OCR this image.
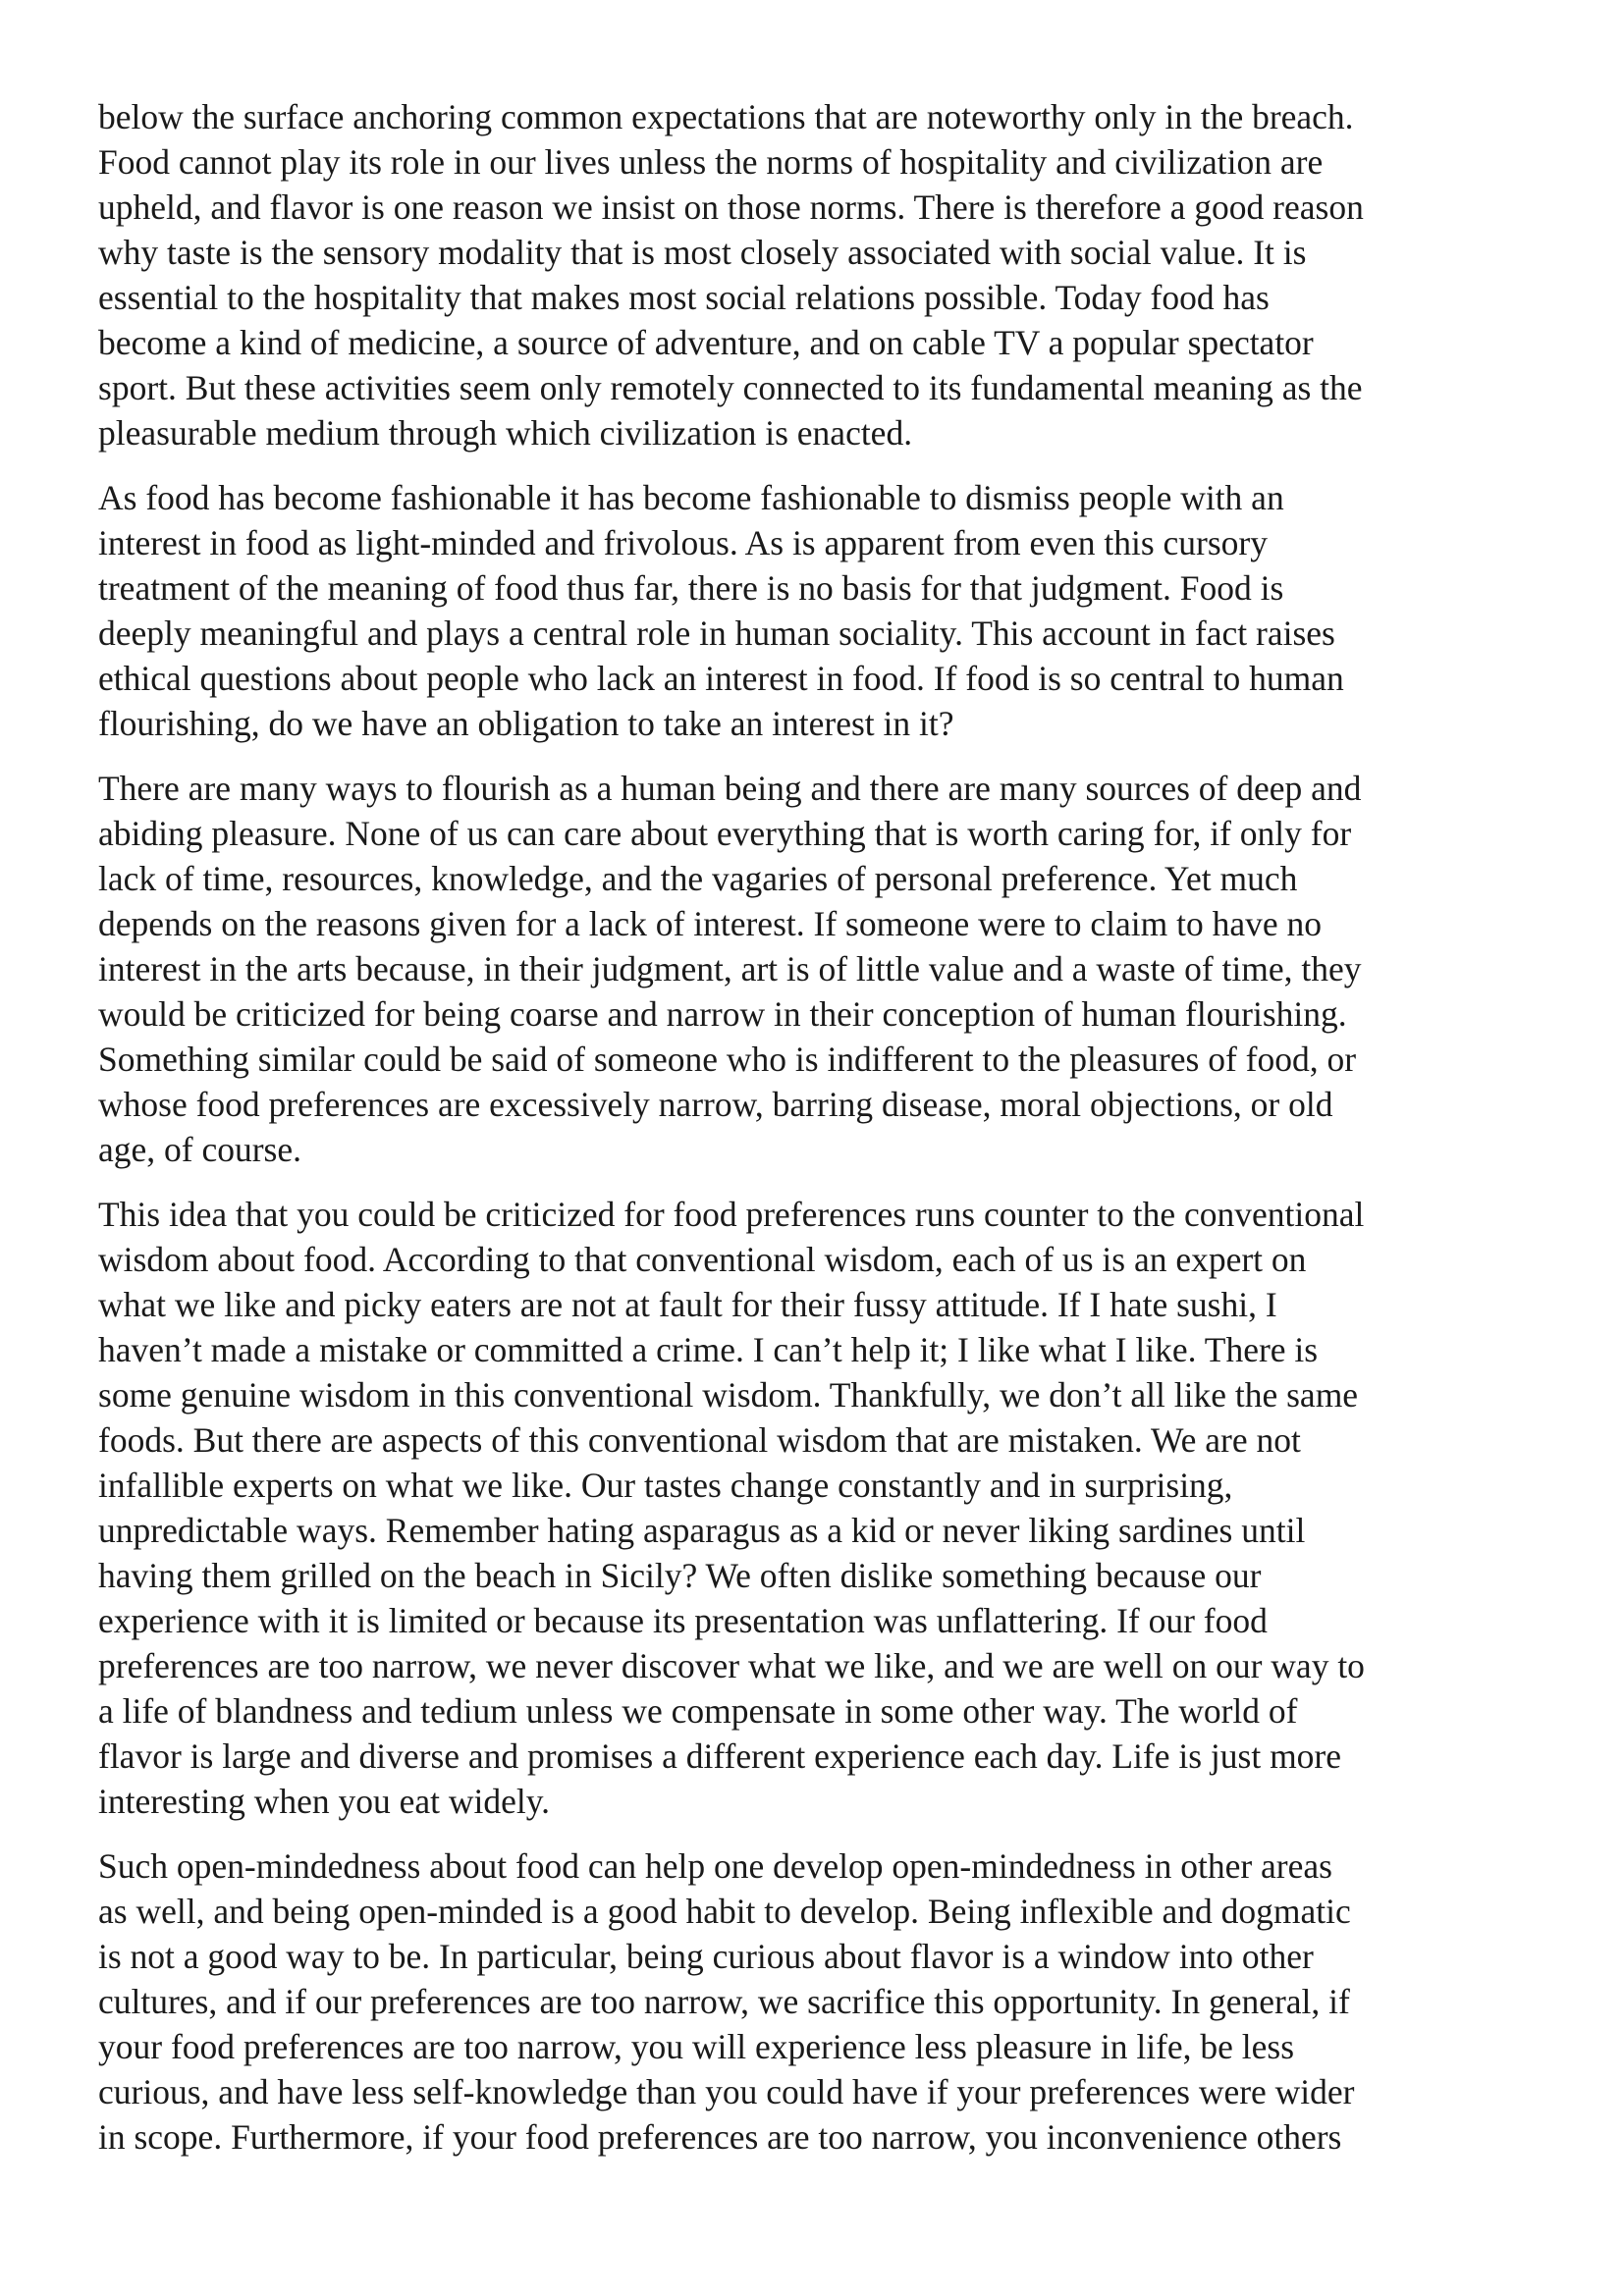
below the surface anchoring common expectations that are noteworthy only in the breach.
Food cannot play its role in our lives unless the norms of hospitality and civilization are
upheld, and flavor is one reason we insist on those norms. There is therefore a good reason
why taste is the sensory modality that is most closely associated with social value. It is
essential to the hospitality that makes most social relations possible. Today food has
become a kind of medicine, a source of adventure, and on cable TV a popular spectator
sport. But these activities seem only remotely connected to its fundamental meaning as the
pleasurable medium through which civilization is enacted.

As food has become fashionable it has become fashionable to dismiss people with an
interest in food as light-minded and frivolous. As is apparent from even this cursory
treatment of the meaning of food thus far, there is no basis for that judgment. Food is
deeply meaningful and plays a central role in human sociality. This account in fact raises
ethical questions about people who lack an interest in food. If food is so central to human
flourishing, do we have an obligation to take an interest in it?

There are many ways to flourish as a human being and there are many sources of deep and
abiding pleasure. None of us can care about everything that is worth caring for, if only for
lack of time, resources, knowledge, and the vagaries of personal preference. Yet much
depends on the reasons given for a lack of interest. If someone were to claim to have no
interest in the arts because, in their judgment, art is of little value and a waste of time, they
would be criticized for being coarse and narrow in their conception of human flourishing.
Something similar could be said of someone who is indifferent to the pleasures of food, or
whose food preferences are excessively narrow, barring disease, moral objections, or old
age, of course.

This idea that you could be criticized for food preferences runs counter to the conventional
wisdom about food. According to that conventional wisdom, each of us is an expert on
what we like and picky eaters are not at fault for their fussy attitude. If I hate sushi, I
haven’t made a mistake or committed a crime. I can’t help it; I like what I like. There is
some genuine wisdom in this conventional wisdom. Thankfully, we don’t all like the same
foods. But there are aspects of this conventional wisdom that are mistaken. We are not
infallible experts on what we like. Our tastes change constantly and in surprising,
unpredictable ways. Remember hating asparagus as a kid or never liking sardines until
having them grilled on the beach in Sicily? We often dislike something because our
experience with it is limited or because its presentation was unflattering. If our food
preferences are too narrow, we never discover what we like, and we are well on our way to
a life of blandness and tedium unless we compensate in some other way. The world of
flavor is large and diverse and promises a different experience each day. Life is just more
interesting when you eat widely.

Such open-mindedness about food can help one develop open-mindedness in other areas
as well, and being open-minded is a good habit to develop. Being inflexible and dogmatic
is not a good way to be. In particular, being curious about flavor is a window into other
cultures, and if our preferences are too narrow, we sacrifice this opportunity. In general, if
your food preferences are too narrow, you will experience less pleasure in life, be less
curious, and have less self-knowledge than you could have if your preferences were wider
in scope. Furthermore, if your food preferences are too narrow, you inconvenience others
